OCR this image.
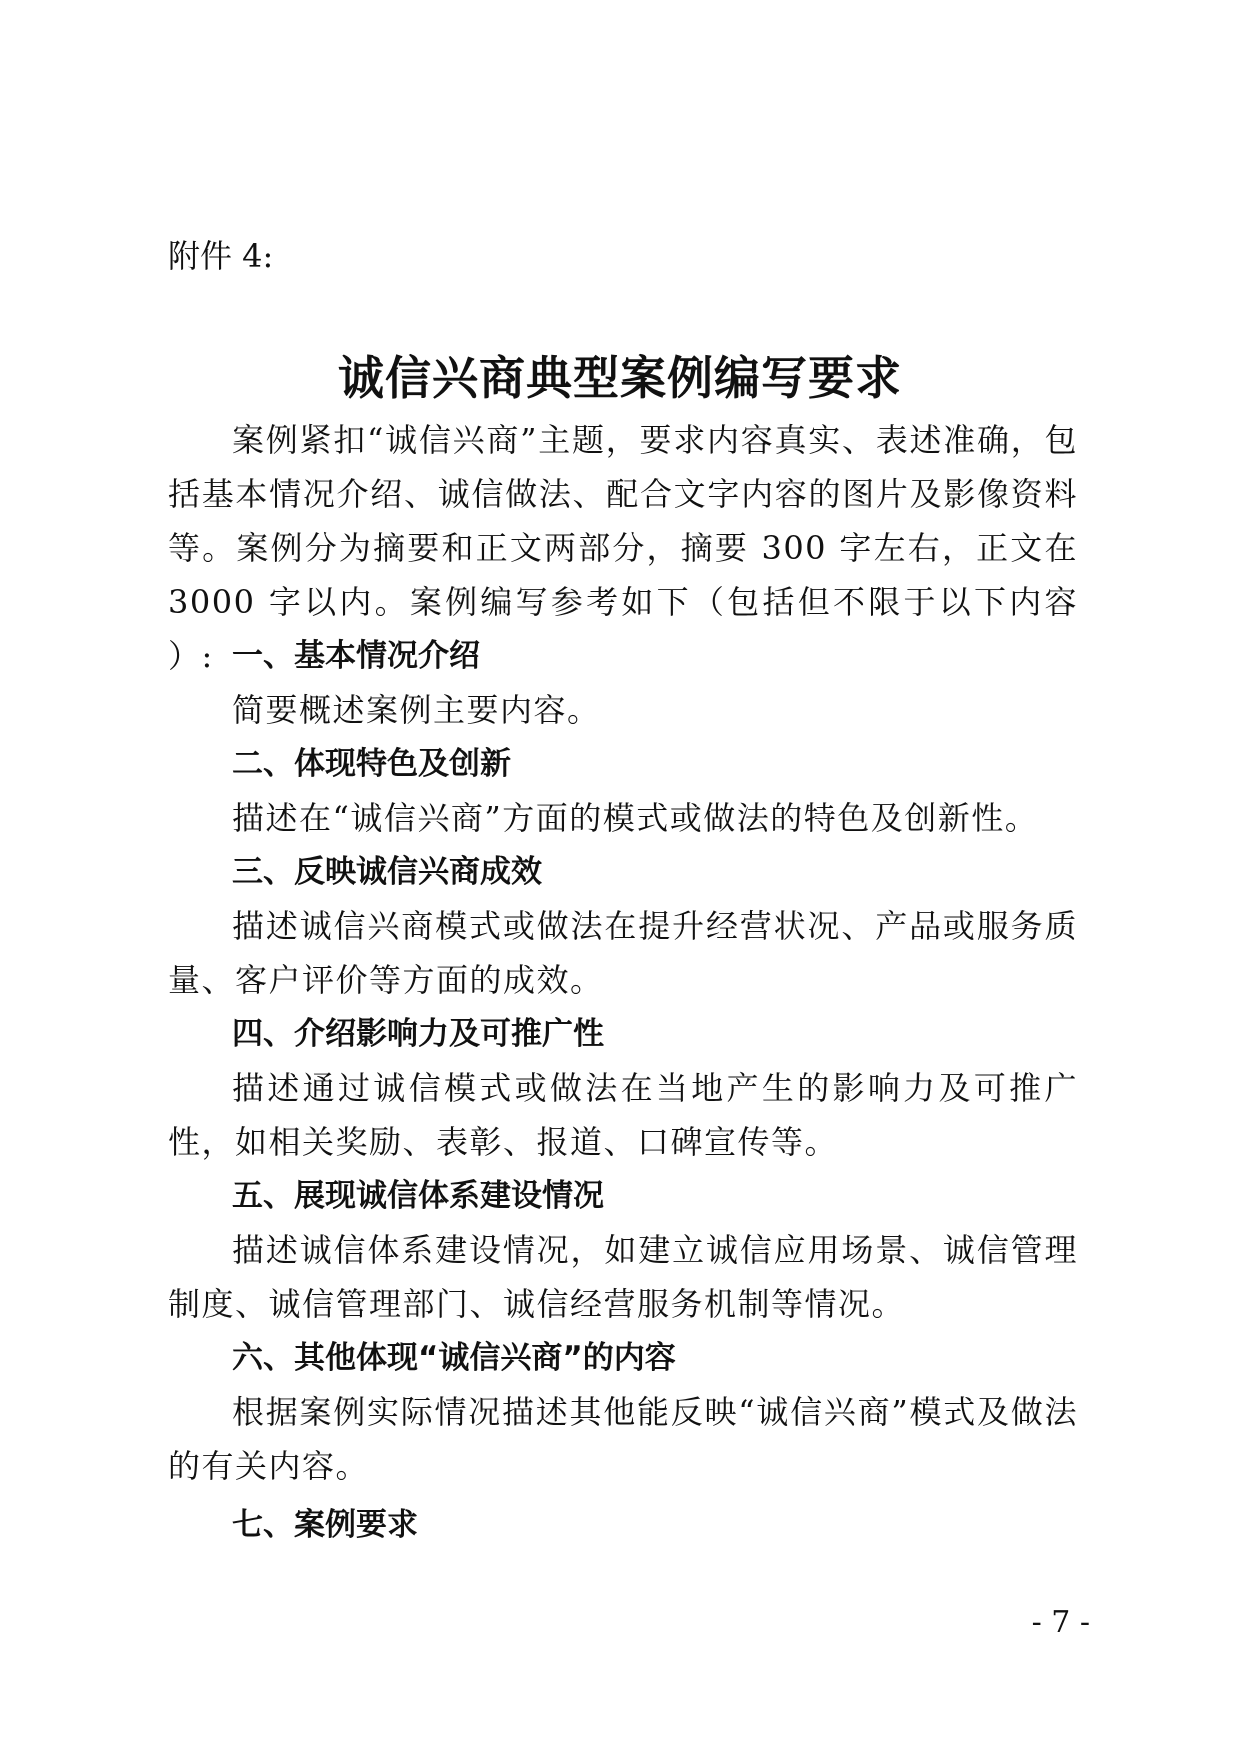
附件 4:
诚信兴商典型案例编写要求

案例紧扣“诚信兴商”主题，要求内容真实、表述准确，包括基本情况介绍、诚信做法、配合文字内容的图片及影像资料等。案例分为摘要和正文两部分，摘要 300 字左右，正文在 3000 字以内。案例编写参考如下（包括但不限于以下内容 ）: 一、基本情况介绍

简要概述案例主要内容。

二、体现特色及创新

描述在“诚信兴商”方面的模式或做法的特色及创新性。

三、反映诚信兴商成效

描述诚信兴商模式或做法在提升经营状况、产品或服务质量、客户评价等方面的成效。

四、介绍影响力及可推广性

描述通过诚信模式或做法在当地产生的影响力及可推广性，如相关奖励、表彰、报道、口碑宣传等。

五、展现诚信体系建设情况

描述诚信体系建设情况，如建立诚信应用场景、诚信管理制度、诚信管理部门、诚信经营服务机制等情况。

六、其他体现“诚信兴商”的内容

根据案例实际情况描述其他能反映“诚信兴商”模式及做法的有关内容。

七、案例要求

- 7 -
